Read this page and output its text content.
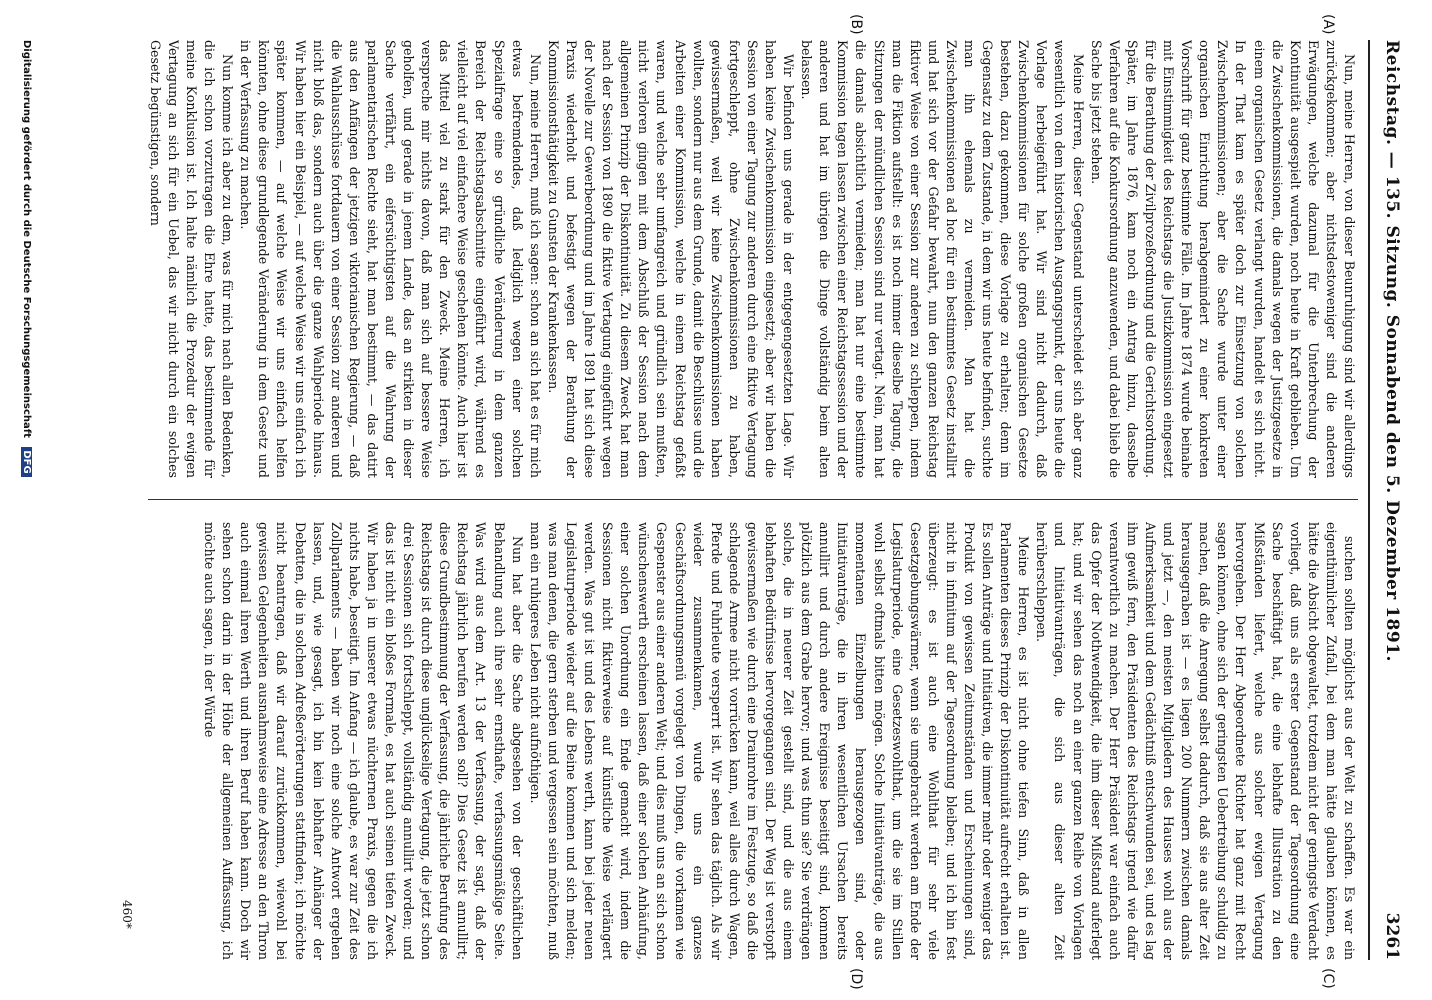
Reichstag. — 135. Sitzung. Sonnabend den 5. Dezember 1891.
3261
(A)
(B)
(C)
(D)

Nun, meine Herren, von dieser Beunruhigung sind wir allerdings zurückgekommen; aber nichtsdestoweniger sind die anderen Erwägungen, welche dazumal für die Unterbrechung der Kontinuität ausgespielt wurden, noch heute in Kraft geblieben. Um die Zwischenkommissionen, die damals wegen der Justizgesetze in einem organischen Gesetz verlangt wurden, handelt es sich nicht. In der That kam es später doch zur Einsetzung von solchen Zwischenkommissionen; aber die Sache wurde unter einer organischen Einrichtung herabgemindert zu einer konkreten Vorschrift für ganz bestimmte Fälle. Im Jahre 1874 wurde beinahe mit Einstimmigkeit des Reichstags die Justizkommission eingesetzt für die Berathung der Zivilprozeßordnung und die Gerichtsordnung. Später, im Jahre 1876, kam noch ein Antrag hinzu, dasselbe Verfahren auf die Konkursordnung anzuwenden, und dabei blieb die Sache bis jetzt stehen.

Meine Herren, dieser Gegenstand unterscheidet sich aber ganz wesentlich von dem historischen Ausgangspunkt, der uns heute die Vorlage herbeigeführt hat. Wir sind nicht dadurch, daß Zwischenkommissionen für solche großen organischen Gesetze bestehen, dazu gekommen, diese Vorlage zu erhalten; denn im Gegensatz zu dem Zustande, in dem wir uns heute befinden, suchte man ihn ehemals zu vermeiden. Man hat die Zwischenkommissionen ad hoc für ein bestimmtes Gesetz installirt und hat sich vor der Gefahr bewahrt, nun den ganzen Reichstag fiktiver Weise von einer Session zur anderen zu schleppen, indem man die Fiktion aufstellt: es ist noch immer dieselbe Tagung, die Sitzungen der mündlichen Session sind nur vertagt. Nein, man hat die damals absichtlich vermieden; man hat nur eine bestimmte Kommission tagen lassen zwischen einer Reichstagssession und der anderen und hat im übrigen die Dinge vollständig beim alten belassen.

Wir befinden uns gerade in der entgegengesetzten Lage. Wir haben keine Zwischenkommission eingesetzt; aber wir haben die Session von einer Tagung zur anderen durch eine fiktive Vertagung fortgeschleppt, ohne Zwischenkommissionen zu haben, gewissermaßen, weil wir keine Zwischenkommissionen haben wollten, sondern nur aus dem Grunde, damit die Beschlüsse und die Arbeiten einer Kommission, welche in einem Reichstag gefaßt waren, und welche sehr umfangreich und gründlich sein mußten, nicht verloren gingen mit dem Abschluß der Session nach dem allgemeinen Prinzip der Diskontinuität. Zu diesem Zweck hat man nach der Session von 1890 die fiktive Vertagung eingeführt wegen der Novelle zur Gewerbeordnung und im Jahre 1891 hat sich diese Praxis wiederholt und befestigt wegen der Berathung der Kommissionsthätigkeit zu Gunsten der Krankenkassen.

Nun, meine Herren, muß ich sagen: schon an sich hat es für mich etwas befremdendes, daß lediglich wegen einer solchen Spezialfrage eine so gründliche Veränderung in dem ganzen Bereich der Reichstagsabschnitte eingeführt wird, während es vielleicht auf viel einfachere Weise geschehen könnte. Auch hier ist das Mittel viel zu stark für den Zweck. Meine Herren, ich verspreche mir nichts davon, daß man sich auf bessere Weise geholfen, und gerade in jenem Lande, das an strikten in dieser Sache verfährt, ein eifersüchtigsten auf die Wahrung der parlamentarischen Rechte sieht, hat man bestimmt, — das datirt aus den Anfängen der jetzigen viktorianischen Regierung, — daß die Wahlausschüsse fortdauern von einer Session zur anderen und nicht bloß das, sondern auch über die ganze Wahlperiode hinaus. Wir haben hier ein Beispiel, — auf welche Weise wir uns einfach ich später kommen, — auf welche Weise wir uns einfach helfen könnten, ohne diese grundlegende Veränderung in dem Gesetz und in der Verfassung zu machen.

Nun komme ich aber zu dem, was für mich nach allen Bedenken, die ich schon vorzutragen die Ehre hatte, das bestimmende für meine Konklusion ist. Ich halte nämlich die Prozedur der ewigen Vertagung an sich für ein Uebel, das wir nicht durch ein solches Gesetz begünstigen, sondern

suchen sollten möglichst aus der Welt zu schaffen. Es war ein eigenthümlicher Zufall, bei dem man hätte glauben können, es hätte die Absicht obgewaltet, trotzdem nicht der geringste Verdacht vorliegt, daß uns als erster Gegenstand der Tagesordnung eine Sache beschäftigt hat, die eine lebhafte Illustration zu den Mißständen liefert, welche aus solcher ewigen Vertagung hervorgehen. Der Herr Abgeordnete Richter hat ganz mit Recht sagen können, ohne sich der geringsten Uebertreibung schuldig zu machen, daß die Anregung selbst dadurch, daß sie aus alter Zeit herausgegraben ist — es liegen 200 Nummern zwischen damals und jetzt —, den meisten Mitgliedern des Hauses wohl aus der Aufmerksamkeit und dem Gedächtniß entschwunden sei, und es lag ihm gewiß fern, den Präsidenten des Reichstags irgend wie dafür verantwortlich zu machen. Der Herr Präsident war einfach auch das Opfer der Nothwendigkeit, die ihm dieser Mißstand auferlegt hat; und wir sehen das noch an einer ganzen Reihe von Vorlagen und Initiativanträgen, die sich aus dieser alten Zeit herüberschleppen.

Meine Herren, es ist nicht ohne tiefen Sinn, daß in allen Parlamenten dieses Prinzip der Diskontinuität aufrecht erhalten ist. Es sollen Anträge und Initiativen, die immer mehr oder weniger das Produkt von gewissen Zeitumständen und Erscheinungen sind, nicht in infinitum auf der Tagesordnung bleiben; und ich bin fest überzeugt: es ist auch eine Wohlthat für sehr viele Gesetzgebungswärmer, wenn sie umgebracht werden am Ende der Legislaturperiode, eine Gesetzeswohlthat, um die sie im Stillen wohl selbst oftmals bitten mögen. Solche Initiativanträge, die aus momentanen Einzelbungen herausgezogen sind, oder Initiativanträge, die in ihren wesentlichen Ursachen bereits annullirt und durch andere Ereignisse beseitigt sind, kommen plötzlich aus dem Grabe hervor; und was thun sie? Sie verdrängen solche, die in neuerer Zeit gestellt sind, und die aus einem lebhaften Bedürfnisse hervorgegangen sind. Der Weg ist verstopft gewissermaßen wie durch eine Drainrohre im Festzuge, so daß die schlagende Armee nicht vorrücken kann, weil alles durch Wagen, Pferde und Fuhrleute versperrt ist. Wir sehen das täglich. Als wir wieder zusammenkamen, wurde uns ein ganzes Geschäftsordnungsmenü vorgelegt von Dingen, die vorkamen wie Gespenster aus einer anderen Welt; und dies muß uns an sich schon wünschenswerth erscheinen lassen, daß einer solchen Anhäufung, einer solchen Unordnung ein Ende gemacht wird, indem die Sessionen nicht fiktiverweise auf künstliche Weise verlängert werden. Was gut ist und des Lebens werth, kann bei jeder neuen Legislaturperiode wieder auf die Beine kommen und sich melden; was man denen, die gern sterben und vergessen sein möchten, muß man ein ruhigeres Leben nicht aufnöthigen.

Nun hat aber die Sache abgesehen von der geschäftlichen Behandlung auch ihre sehr ernsthafte, verfassungsmäßige Seite. Was wird aus dem Art. 13 der Verfassung, der sagt, daß der Reichstag jährlich berufen werden soll? Dies Gesetz ist annullirt; diese Grundbestimmung der Verfassung, die jährliche Berufung des Reichstags ist durch diese unglückselige Vertagung, die jetzt schon drei Sessionen sich fortschleppt, vollständig annullirt worden; und das ist nicht ein bloßes Formale, es hat auch seinen tiefen Zweck. Wir haben ja in unserer etwas nüchternen Praxis, gegen die ich nichts habe, beseitigt. Im Anfang — ich glaube, es war zur Zeit des Zollparlaments — haben wir noch eine solche Antwort ergehen lassen, und, wie gesagt, ich bin kein lebhafter Anhänger der Debatten, die in solchen Adreßerörterungen stattfinden; ich möchte nicht beantragen, daß wir darauf zurückkommen, wiewohl bei gewissen Gelegenheiten ausnahmsweise eine Adresse an den Thron auch einmal ihren Werth und ihren Beruf haben kann. Doch wir sehen schon darin in der Höhe der allgemeinen Auffassung, ich möchte auch sagen, in der Würde

460*
Digitalisierung gefördert durch die Deutsche Forschungsgemeinschaft DFG
